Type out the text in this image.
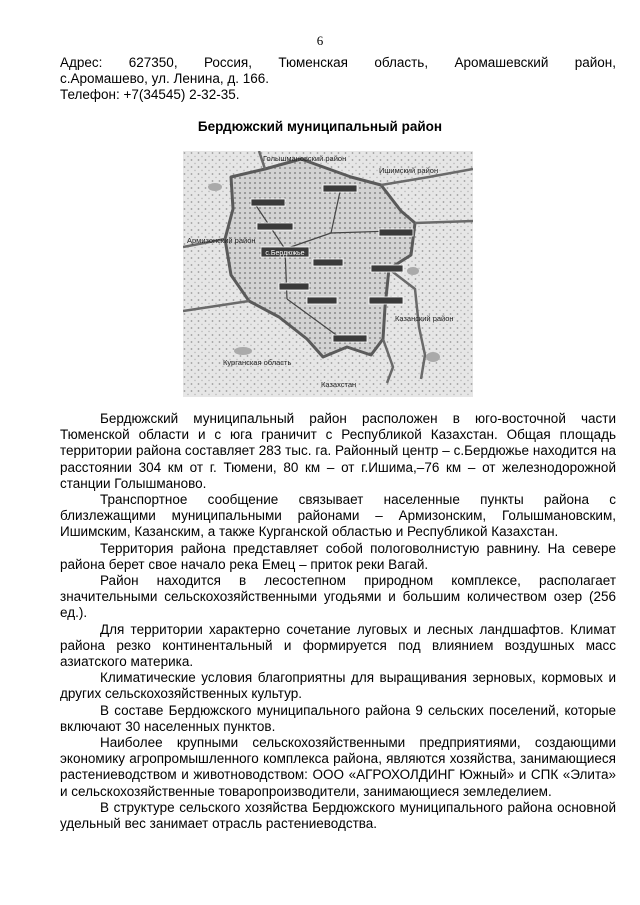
6
Адрес: 627350, Россия, Тюменская область, Аромашевский район,
с.Аромашево, ул. Ленина, д. 166.
Телефон: +7(34545) 2-32-35.
Бердюжский муниципальный район
Голышмановский район
Ишимский район
Армизонский район
Казанский район
Курганская область
Казахстан
с.Бердюжье

Бердюжский муниципальный район расположен в юго-восточной части Тюменской области и с юга граничит с Республикой Казахстан. Общая площадь территории района составляет 283 тыс. га. Районный центр – с.Бердюжье находится на расстоянии 304 км от г. Тюмени, 80 км – от г.Ишима,–76 км – от железнодорожной станции Голышманово.

Транспортное сообщение связывает населенные пункты района с близлежащими муниципальными районами – Армизонским, Голышмановским, Ишимским, Казанским, а также Курганской областью и Республикой Казахстан.

Территория района представляет собой пологоволнистую равнину. На севере района берет свое начало река Емец – приток реки Вагай.

Район находится в лесостепном природном комплексе, располагает значительными сельскохозяйственными угодьями и большим количеством озер (256 ед.).

Для территории характерно сочетание луговых и лесных ландшафтов. Климат района резко континентальный и формируется под влиянием воздушных масс азиатского материка.

Климатические условия благоприятны для выращивания зерновых, кормовых и других сельскохозяйственных культур.

В составе Бердюжского муниципального района 9 сельских поселений, которые включают 30 населенных пунктов.

Наиболее крупными сельскохозяйственными предприятиями, создающими экономику агропромышленного комплекса района, являются хозяйства, занимающиеся растениеводством и животноводством: ООО «АГРОХОЛДИНГ Южный» и СПК «Элита» и сельскохозяйственные товаропроизводители, занимающиеся земледелием.

В структуре сельского хозяйства Бердюжского муниципального района основной удельный вес занимает отрасль растениеводства.
